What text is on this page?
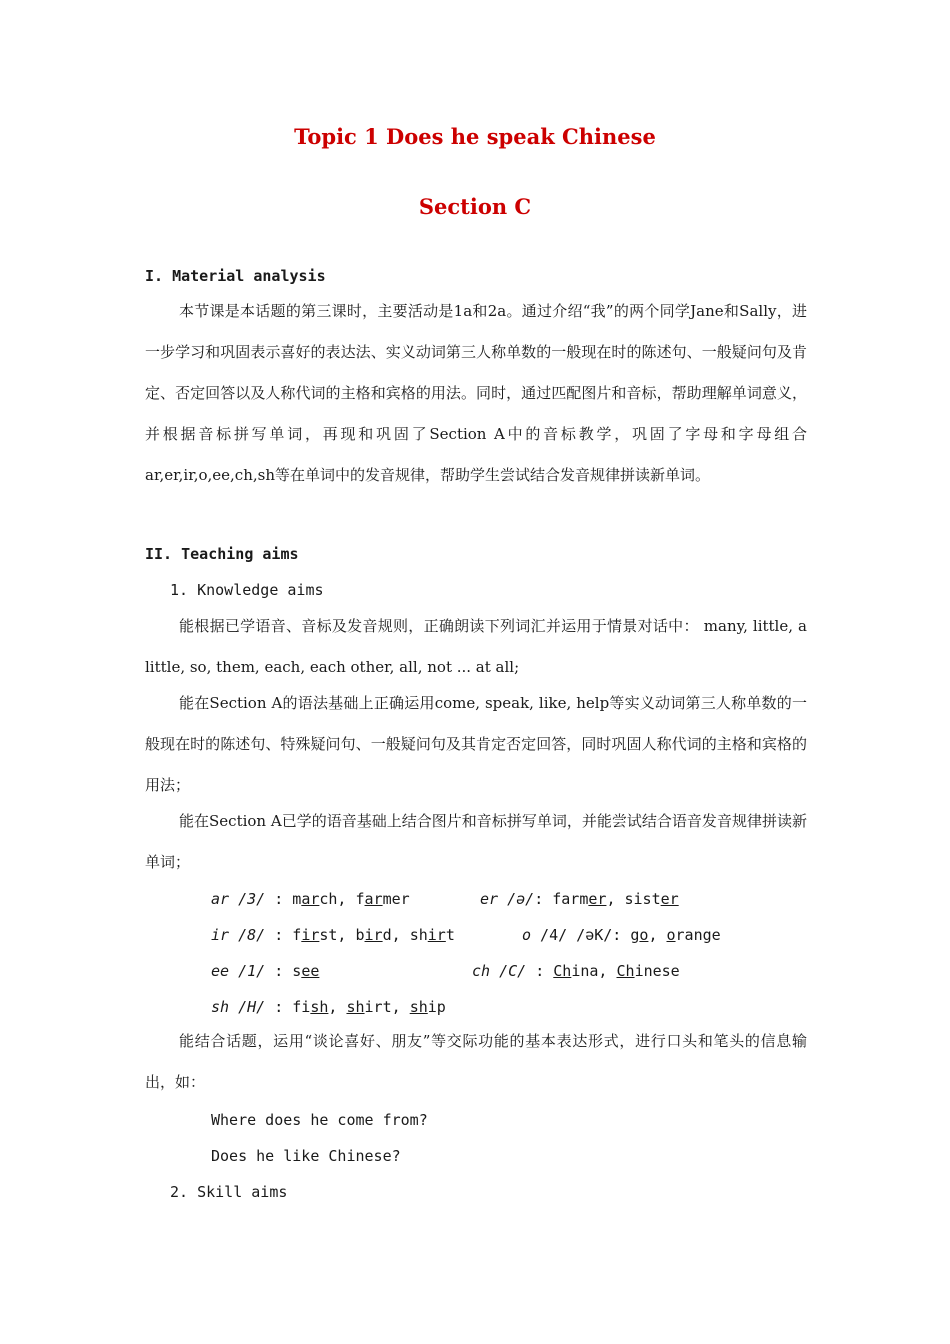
Topic 1 Does he speak Chinese
Section C
I. Material analysis
本节课是本话题的第三课时，主要活动是1a和2a。通过介绍“我”的两个同学Jane和Sally，进一步学习和巩固表示喜好的表达法、实义动词第三人称单数的一般现在时的陈述句、一般疑问句及肯定、否定回答以及人称代词的主格和宾格的用法。同时，通过匹配图片和音标，帮助理解单词意义，并根据音标拼写单词，再现和巩固了Section A中的音标教学，巩固了字母和字母组合ar,er,ir,o,ee,ch,sh等在单词中的发音规律，帮助学生尝试结合发音规律拼读新单词。
II. Teaching aims
1. Knowledge aims
能根据已学语音、音标及发音规则，正确朗读下列词汇并运用于情景对话中： many, little, a little, so, them, each, each other, all, not ... at all;
能在Section A的语法基础上正确运用come, speak, like, help等实义动词第三人称单数的一般现在时的陈述句、特殊疑问句、一般疑问句及其肯定否定回答，同时巩固人称代词的主格和宾格的用法；
能在Section A已学的语音基础上结合图片和音标拼写单词，并能尝试结合语音发音规律拼读新单词；
ar /3/ : march, farmer	er /ə/: farmer, sister
ir /8/ : first, bird, shirt	o /4/ /əK/: go, orange
ee /1/ : see	ch /C/ : China, Chinese
sh /H/ : fish, shirt, ship
能结合话题，运用“谈论喜好、朋友”等交际功能的基本表达形式，进行口头和笔头的信息输出，如：
Where does he come from?
Does he like Chinese?
2. Skill aims
